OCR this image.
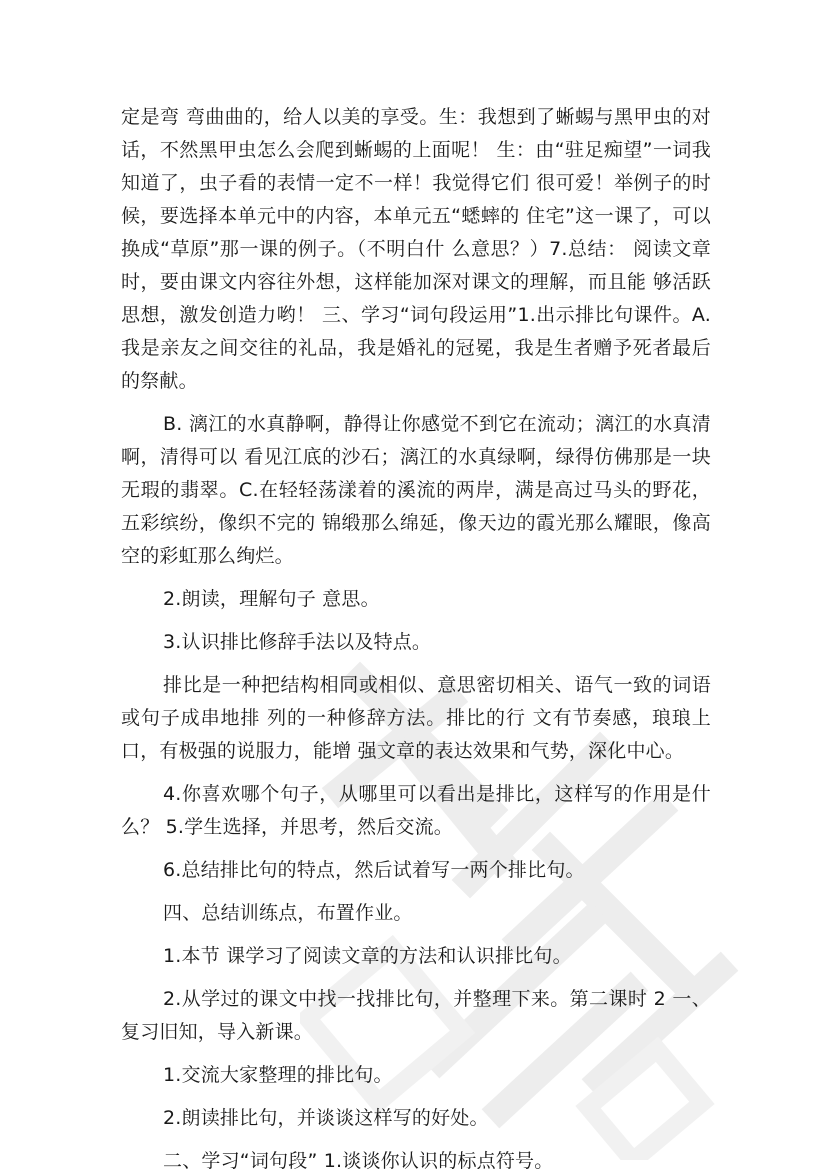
定是弯 弯曲曲的，给人以美的享受。生：我想到了蜥蜴与黑甲虫的对话，不然黑甲虫怎么会爬到蜥蜴的上面呢！ 生：由“驻足痴望”一词我知道了，虫子看的表情一定不一样！我觉得它们 很可爱！举例子的时候，要选择本单元中的内容，本单元五“蟋蟀的 住宅”这一课了，可以换成“草原”那一课的例子。（不明白什 么意思？）7.总结： 阅读文章时，要由课文内容往外想，这样能加深对课文的理解，而且能 够活跃 思想，激发创造力哟！ 三、学习“词句段运用”1.出示排比句课件。A.我是亲友之间交往的礼品，我是婚礼的冠冕，我是生者赠予死者最后的祭献。

B. 漓江的水真静啊，静得让你感觉不到它在流动；漓江的水真清啊，清得可以 看见江底的沙石；漓江的水真绿啊，绿得仿佛那是一块无瑕的翡翠。C.在轻轻荡漾着的溪流的两岸，满是高过马头的野花，五彩缤纷，像织不完的 锦缎那么绵延，像天边的霞光那么耀眼，像高空的彩虹那么绚烂。

2.朗读，理解句子 意思。

3.认识排比修辞手法以及特点。

排比是一种把结构相同或相似、意思密切相关、语气一致的词语或句子成串地排 列的一种修辞方法。排比的行 文有节奏感，琅琅上口，有极强的说服力，能增 强文章的表达效果和气势，深化中心。

4.你喜欢哪个句子，从哪里可以看出是排比，这样写的作用是什么？ 5.学生选择，并思考，然后交流。

6.总结排比句的特点，然后试着写一两个排比句。

四、总结训练点，布置作业。

1.本节 课学习了阅读文章的方法和认识排比句。

2.从学过的课文中找一找排比句，并整理下来。第二课时 2 一、复习旧知，导入新课。

1.交流大家整理的排比句。

2.朗读排比句，并谈谈这样写的好处。

二、学习“词句段” 1.谈谈你认识的标点符号。
